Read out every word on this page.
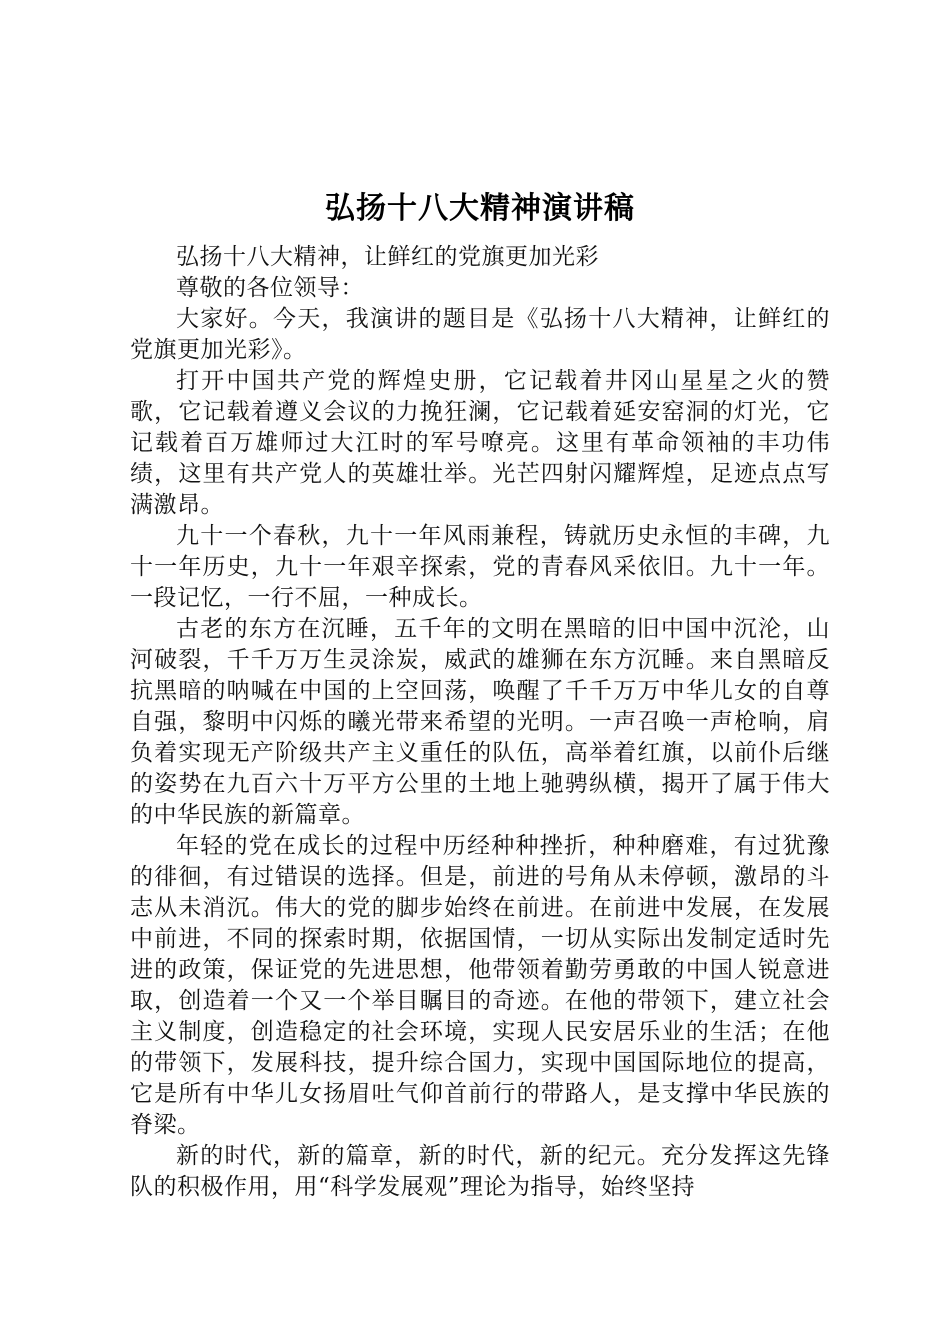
弘扬十八大精神演讲稿

弘扬十八大精神，让鲜红的党旗更加光彩

尊敬的各位领导：

大家好。今天，我演讲的题目是《弘扬十八大精神，让鲜红的党旗更加光彩》。

打开中国共产党的辉煌史册，它记载着井冈山星星之火的赞歌，它记载着遵义会议的力挽狂澜，它记载着延安窑洞的灯光，它记载着百万雄师过大江时的军号嘹亮。这里有革命领袖的丰功伟绩，这里有共产党人的英雄壮举。光芒四射闪耀辉煌，足迹点点写满激昂。

九十一个春秋，九十一年风雨兼程，铸就历史永恒的丰碑，九十一年历史，九十一年艰辛探索，党的青春风采依旧。九十一年。一段记忆，一行不屈，一种成长。

古老的东方在沉睡，五千年的文明在黑暗的旧中国中沉沦，山河破裂，千千万万生灵涂炭，威武的雄狮在东方沉睡。来自黑暗反抗黑暗的呐喊在中国的上空回荡，唤醒了千千万万中华儿女的自尊自强，黎明中闪烁的曦光带来希望的光明。一声召唤一声枪响，肩负着实现无产阶级共产主义重任的队伍，高举着红旗，以前仆后继的姿势在九百六十万平方公里的土地上驰骋纵横，揭开了属于伟大的中华民族的新篇章。

年轻的党在成长的过程中历经种种挫折，种种磨难，有过犹豫的徘徊，有过错误的选择。但是，前进的号角从未停顿，激昂的斗志从未消沉。伟大的党的脚步始终在前进。在前进中发展，在发展中前进，不同的探索时期，依据国情，一切从实际出发制定适时先进的政策，保证党的先进思想，他带领着勤劳勇敢的中国人锐意进取，创造着一个又一个举目瞩目的奇迹。在他的带领下，建立社会主义制度，创造稳定的社会环境，实现人民安居乐业的生活；在他的带领下，发展科技，提升综合国力，实现中国国际地位的提高，它是所有中华儿女扬眉吐气仰首前行的带路人，是支撑中华民族的脊梁。

新的时代，新的篇章，新的时代，新的纪元。充分发挥这先锋队的积极作用，用“科学发展观”理论为指导，始终坚持
